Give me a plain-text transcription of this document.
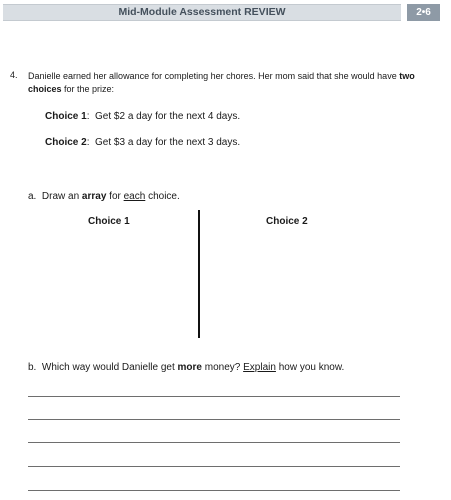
Mid-Module Assessment REVIEW	2•6
4. Danielle earned her allowance for completing her chores. Her mom said that she would have two choices for the prize:
Choice 1:  Get $2 a day for the next 4 days.
Choice 2:  Get $3 a day for the next 3 days.
a. Draw an array for each choice.
Choice 1	Choice 2
b. Which way would Danielle get more money? Explain how you know.
